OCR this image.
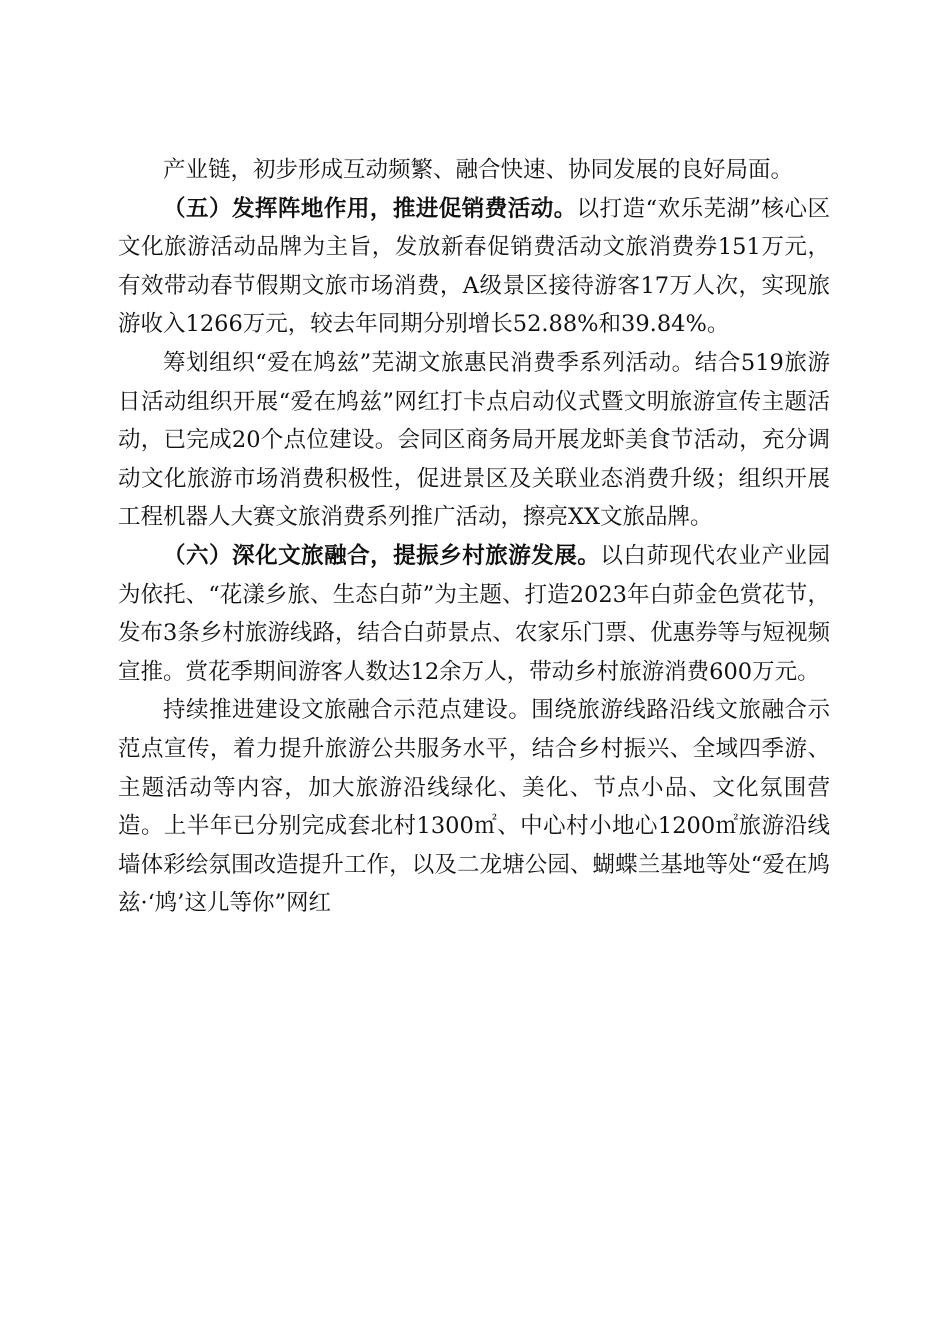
产业链，初步形成互动频繁、融合快速、协同发展的良好局面。

（五）发挥阵地作用，推进促销费活动。以打造“欢乐芜湖”核心区文化旅游活动品牌为主旨，发放新春促销费活动文旅消费券151万元，有效带动春节假期文旅市场消费，A级景区接待游客17万人次，实现旅游收入1266万元，较去年同期分别增长52.88%和39.84%。

筹划组织“爱在鸠兹”芜湖文旅惠民消费季系列活动。结合519旅游日活动组织开展“爱在鸠兹”网红打卡点启动仪式暨文明旅游宣传主题活动，已完成20个点位建设。会同区商务局开展龙虾美食节活动，充分调动文化旅游市场消费积极性，促进景区及关联业态消费升级；组织开展工程机器人大赛文旅消费系列推广活动，擦亮XX文旅品牌。

（六）深化文旅融合，提振乡村旅游发展。以白茆现代农业产业园为依托、“花漾乡旅、生态白茆”为主题、打造2023年白茆金色赏花节，发布3条乡村旅游线路，结合白茆景点、农家乐门票、优惠券等与短视频宣推。赏花季期间游客人数达12余万人，带动乡村旅游消费600万元。

持续推进建设文旅融合示范点建设。围绕旅游线路沿线文旅融合示范点宣传，着力提升旅游公共服务水平，结合乡村振兴、全域四季游、主题活动等内容，加大旅游沿线绿化、美化、节点小品、文化氛围营造。上半年已分别完成套北村1300㎡、中心村小地心1200㎡旅游沿线墙体彩绘氛围改造提升工作，以及二龙塘公园、蝴蝶兰基地等处“爱在鸠兹·‘鸠’这儿等你”网红
